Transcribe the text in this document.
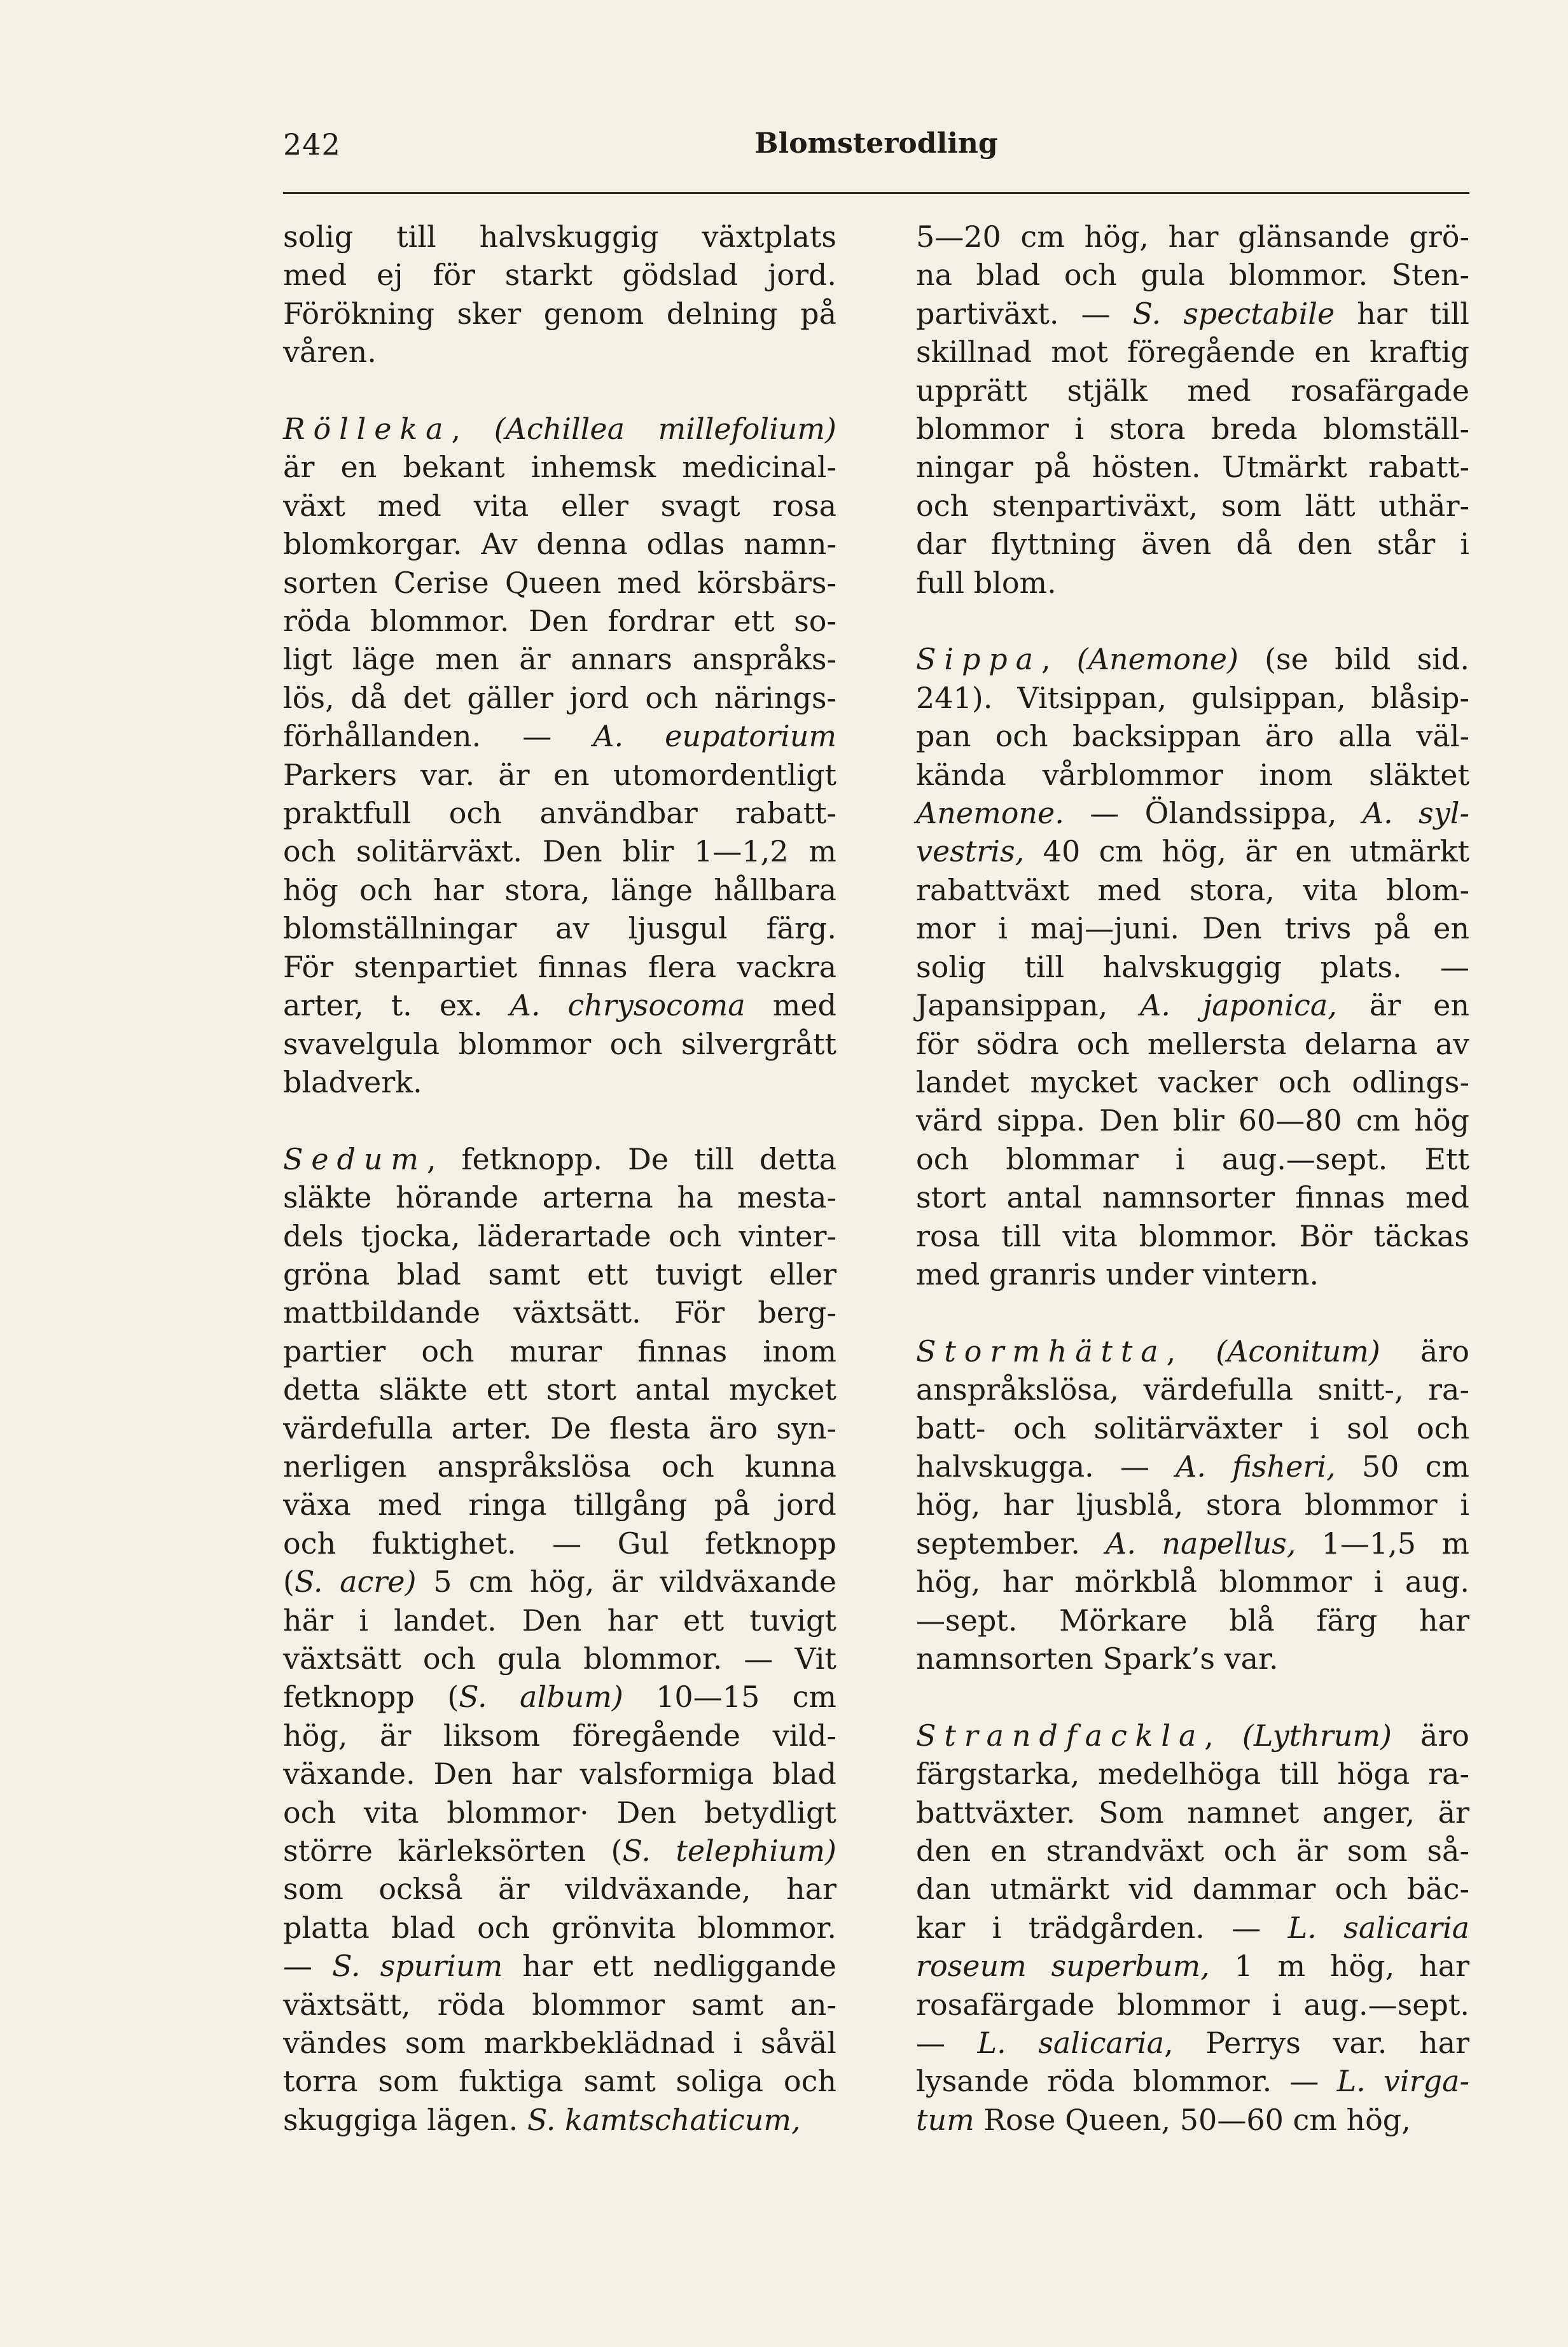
242	Blomsterodling

solig till halvskuggig växtplats
med ej för starkt gödslad jord.
Förökning sker genom delning på
våren.

Rölleka, (Achillea millefolium)
är en bekant inhemsk medicinal-
växt med vita eller svagt rosa
blomkorgar. Av denna odlas namn-
sorten Cerise Queen med körsbärs-
röda blommor. Den fordrar ett so-
ligt läge men är annars anspråks-
lös, då det gäller jord och närings-
förhållanden. — A. eupatorium
Parkers var. är en utomordentligt
praktfull och användbar rabatt-
och solitärväxt. Den blir 1—1,2 m
hög och har stora, länge hållbara
blomställningar av ljusgul färg.
För stenpartiet finnas flera vackra
arter, t. ex. A. chrysocoma med
svavelgula blommor och silvergrått
bladverk.

Sedum, fetknopp. De till detta
släkte hörande arterna ha mesta-
dels tjocka, läderartade och vinter-
gröna blad samt ett tuvigt eller
mattbildande växtsätt. För berg-
partier och murar finnas inom
detta släkte ett stort antal mycket
värdefulla arter. De flesta äro syn-
nerligen anspråkslösa och kunna
växa med ringa tillgång på jord
och fuktighet. — Gul fetknopp
(S. acre) 5 cm hög, är vildväxande
här i landet. Den har ett tuvigt
växtsätt och gula blommor. — Vit
fetknopp (S. album) 10—15 cm
hög, är liksom föregående vild-
växande. Den har valsformiga blad
och vita blommor· Den betydligt
större kärleksörten (S. telephium)
som också är vildväxande, har
platta blad och grönvita blommor.
— S. spurium har ett nedliggande
växtsätt, röda blommor samt an-
vändes som markbeklädnad i såväl
torra som fuktiga samt soliga och
skuggiga lägen. S. kamtschaticum,

5—20 cm hög, har glänsande grö-
na blad och gula blommor. Sten-
partiväxt. — S. spectabile har till
skillnad mot föregående en kraftig
upprätt stjälk med rosafärgade
blommor i stora breda blomställ-
ningar på hösten. Utmärkt rabatt-
och stenpartiväxt, som lätt uthär-
dar flyttning även då den står i
full blom.

Sippa, (Anemone) (se bild sid.
241). Vitsippan, gulsippan, blåsip-
pan och backsippan äro alla väl-
kända vårblommor inom släktet
Anemone. — Ölandssippa, A. syl-
vestris, 40 cm hög, är en utmärkt
rabattväxt med stora, vita blom-
mor i maj—juni. Den trivs på en
solig till halvskuggig plats. —
Japansippan, A. japonica, är en
för södra och mellersta delarna av
landet mycket vacker och odlings-
värd sippa. Den blir 60—80 cm hög
och blommar i aug.—sept. Ett
stort antal namnsorter finnas med
rosa till vita blommor. Bör täckas
med granris under vintern.

Stormhätta, (Aconitum) äro
anspråkslösa, värdefulla snitt-, ra-
batt- och solitärväxter i sol och
halvskugga. — A. fisheri, 50 cm
hög, har ljusblå, stora blommor i
september. A. napellus, 1—1,5 m
hög, har mörkblå blommor i aug.
—sept. Mörkare blå färg har
namnsorten Spark’s var.

Strandfackla, (Lythrum) äro
färgstarka, medelhöga till höga ra-
battväxter. Som namnet anger, är
den en strandväxt och är som så-
dan utmärkt vid dammar och bäc-
kar i trädgården. — L. salicaria
roseum superbum, 1 m hög, har
rosafärgade blommor i aug.—sept.
— L. salicaria, Perrys var. har
lysande röda blommor. — L. virga-
tum Rose Queen, 50—60 cm hög,
